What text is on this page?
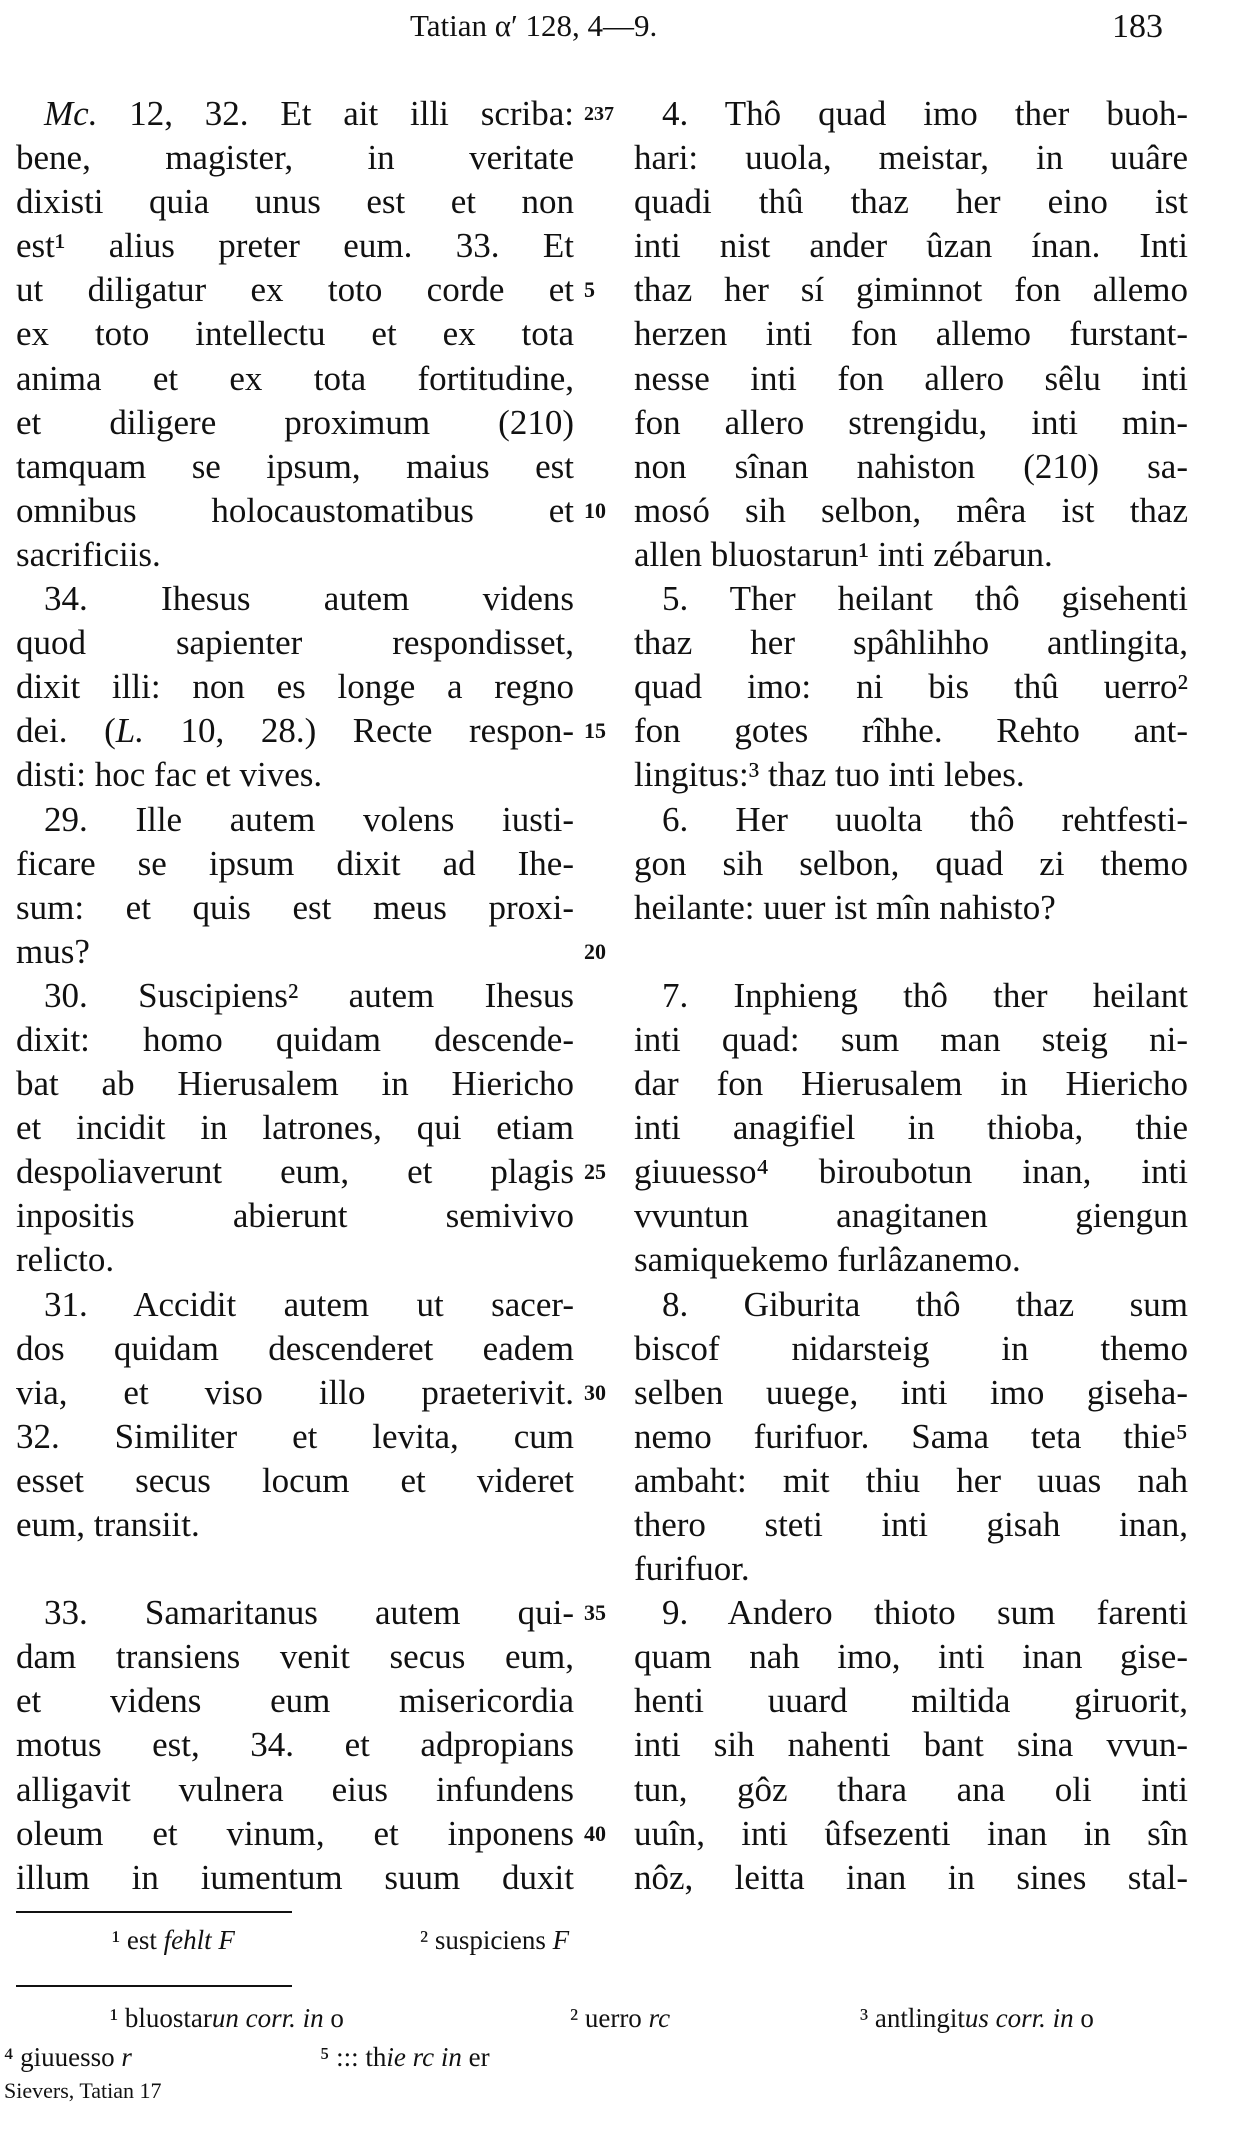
Tatian α′ 128, 4—9.	183
Mc. 12, 32. Et ait illi scriba:
bene, magister, in veritate
dixisti quia unus est et non
est¹ alius preter eum. 33. Et
ut diligatur ex toto corde et
ex toto intellectu et ex tota
anima et ex tota fortitudine,
et diligere proximum (210)
tamquam se ipsum, maius est
omnibus holocaustomatibus et
sacrificiis.
34. Ihesus autem videns
quod sapienter respondisset,
dixit illi: non es longe a regno
dei. (L. 10, 28.) Recte respon-
disti: hoc fac et vives.
29. Ille autem volens iusti-
ficare se ipsum dixit ad Ihe-
sum: et quis est meus proxi-
mus?
30. Suscipiens² autem Ihesus
dixit: homo quidam descende-
bat ab Hierusalem in Hiericho
et incidit in latrones, qui etiam
despoliaverunt eum, et plagis
inpositis abierunt semivivo
relicto.
31. Accidit autem ut sacer-
dos quidam descenderet eadem
via, et viso illo praeterivit.
32. Similiter et levita, cum
esset secus locum et videret
eum, transiit.
33. Samaritanus autem qui-
dam transiens venit secus eum,
et videns eum misericordia
motus est, 34. et adpropians
alligavit vulnera eius infundens
oleum et vinum, et inponens
illum in iumentum suum duxit
237
5
10
15
20
25
30
35
40
4. Thô quad imo ther buoh-
hari: uuola, meistar, in uuâre
quadi thû thaz her eino ist
inti nist ander ûzan ínan. Inti
thaz her sí giminnot fon allemo
herzen inti fon allemo furstant-
nesse inti fon allero sêlu inti
fon allero strengidu, inti min-
non sînan nahiston (210) sa-
mosó sih selbon, mêra ist thaz
allen bluostarun¹ inti zébarun.
5. Ther heilant thô gisehenti
thaz her spâhlihho antlingita,
quad imo: ni bis thû uerro²
fon gotes rîhhe. Rehto ant-
lingitus:³ thaz tuo inti lebes.
6. Her uuolta thô rehtfesti-
gon sih selbon, quad zi themo
heilante: uuer ist mîn nahisto?
7. Inphieng thô ther heilant
inti quad: sum man steig ni-
dar fon Hierusalem in Hiericho
inti anagifiel in thioba, thie
giuuesso⁴ biroubotun inan, inti
vvuntun anagitanen giengun
samiquekemo furlâzanemo.
8. Giburita thô thaz sum
biscof nidarsteig in themo
selben uuege, inti imo giseha-
nemo furifuor. Sama teta thie⁵
ambaht: mit thiu her uuas nah
thero steti inti gisah inan,
furifuor.
9. Andero thioto sum farenti
quam nah imo, inti inan gise-
henti uuard miltida giruorit,
inti sih nahenti bant sina vvun-
tun, gôz thara ana oli inti
uuîn, inti ûfsezenti inan in sîn
nôz, leitta inan in sines stal-
¹ est fehlt F	² suspiciens F
¹ bluostarun corr. in o	² uerro rc	³ antlingitus corr. in o
⁴ giuuesso r	⁵ ::: thie rc in er
Sievers, Tatian 17
